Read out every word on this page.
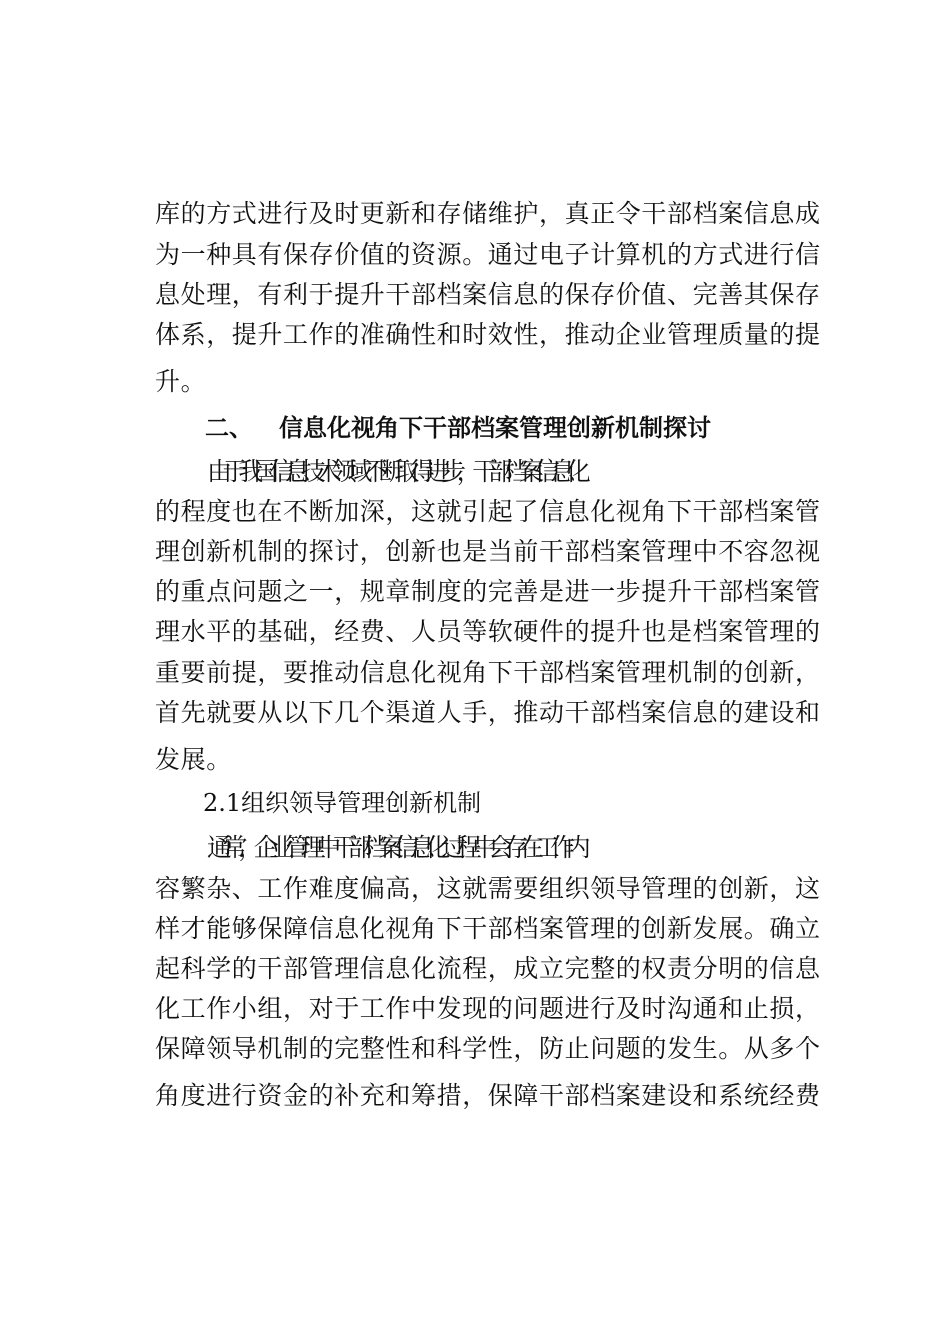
库的方式进行及时更新和存储维护，真正令干部档案信息成
为一种具有保存价值的资源。通过电子计算机的方式进行信
息处理，有利于提升干部档案信息的保存价值、完善其保存
体系，提升工作的准确性和时效性，推动企业管理质量的提
升。
二、 信息化视角下干部档案管理创新机制探讨
由于我国信息技术领域不断取得进步，干部档案信息化
的程度也在不断加深，这就引起了信息化视角下干部档案管
理创新机制的探讨，创新也是当前干部档案管理中不容忽视
的重点问题之一，规章制度的完善是进一步提升干部档案管
理水平的基础，经费、人员等软硬件的提升也是档案管理的
重要前提，要推动信息化视角下干部档案管理机制的创新，
首先就要从以下几个渠道人手，推动干部档案信息的建设和
发展。
2.1组织领导管理创新机制
通常，企业管理中干部档案信息化过程中会存在工作内
容繁杂、工作难度偏高，这就需要组织领导管理的创新，这
样才能够保障信息化视角下干部档案管理的创新发展。确立
起科学的干部管理信息化流程，成立完整的权责分明的信息
化工作小组，对于工作中发现的问题进行及时沟通和止损，
保障领导机制的完整性和科学性，防止问题的发生。从多个
角度进行资金的补充和筹措，保障干部档案建设和系统经费
